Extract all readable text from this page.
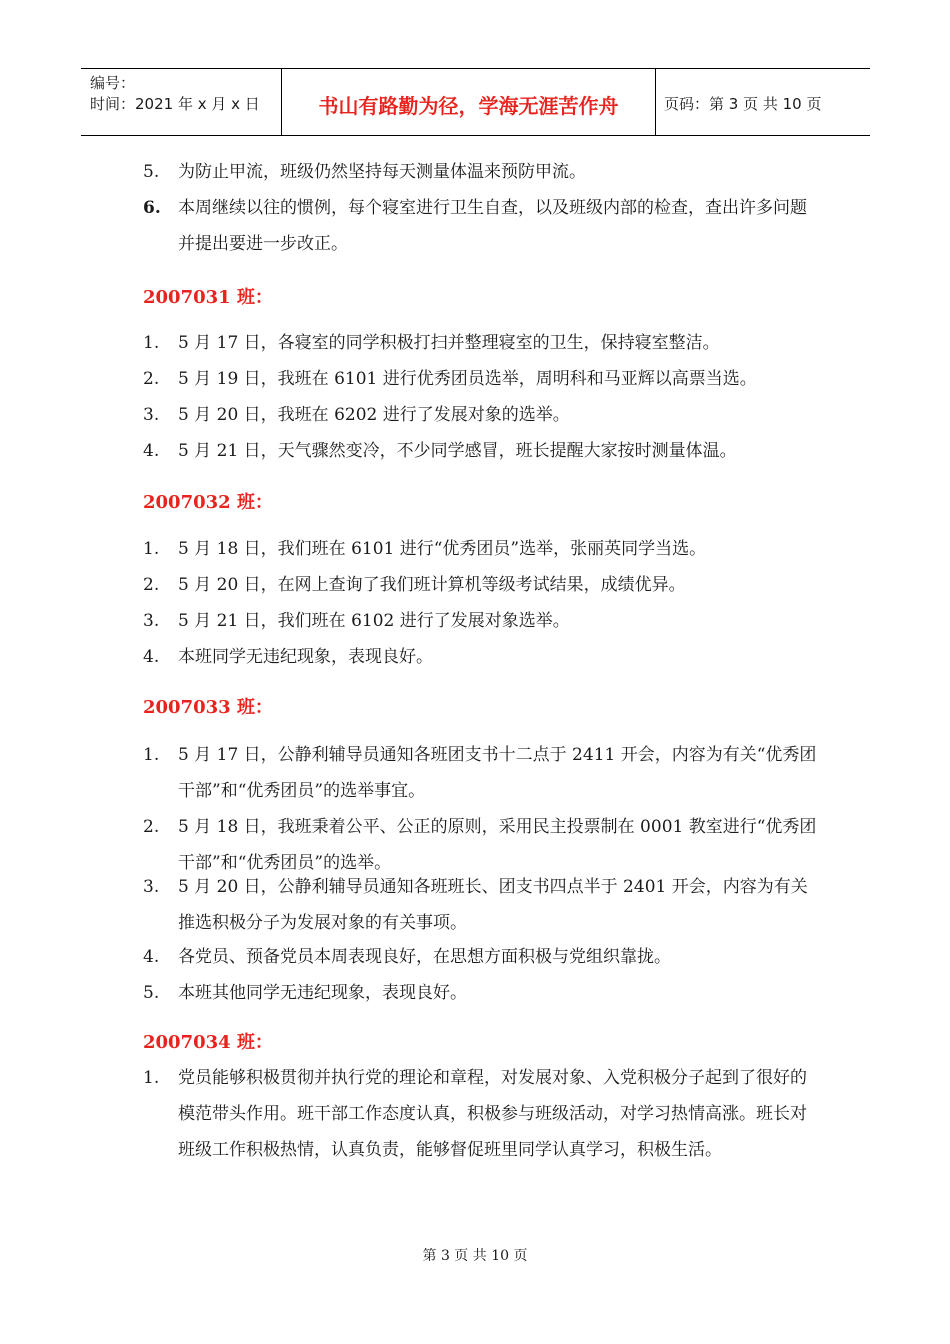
编号：
时间：2021 年 x 月 x 日	书山有路勤为径，学海无涯苦作舟	页码：第 3 页 共 10 页
5.	为防止甲流，班级仍然坚持每天测量体温来预防甲流。
6.	本周继续以往的惯例，每个寝室进行卫生自查，以及班级内部的检查，查出许多问题并提出要进一步改正。
2007031 班：
1.	5 月 17 日，各寝室的同学积极打扫并整理寝室的卫生，保持寝室整洁。
2.	5 月 19 日，我班在 6101 进行优秀团员选举，周明科和马亚辉以高票当选。
3.	5 月 20 日，我班在 6202 进行了发展对象的选举。
4.	5 月 21 日，天气骤然变冷，不少同学感冒，班长提醒大家按时测量体温。
2007032 班：
1.	5 月 18 日，我们班在 6101 进行“优秀团员”选举，张丽英同学当选。
2.	5 月 20 日，在网上查询了我们班计算机等级考试结果，成绩优异。
3.	5 月 21 日，我们班在 6102 进行了发展对象选举。
4.	本班同学无违纪现象，表现良好。
2007033 班：
1.	5 月 17 日，公静利辅导员通知各班团支书十二点于 2411 开会，内容为有关“优秀团干部”和“优秀团员”的选举事宜。
2.	5 月 18 日，我班秉着公平、公正的原则，采用民主投票制在 0001 教室进行“优秀团干部”和“优秀团员”的选举。
3.	5 月 20 日，公静利辅导员通知各班班长、团支书四点半于 2401 开会，内容为有关推选积极分子为发展对象的有关事项。
4.	各党员、预备党员本周表现良好，在思想方面积极与党组织靠拢。
5.	本班其他同学无违纪现象，表现良好。
2007034 班：
1.	党员能够积极贯彻并执行党的理论和章程，对发展对象、入党积极分子起到了很好的模范带头作用。班干部工作态度认真，积极参与班级活动，对学习热情高涨。班长对班级工作积极热情，认真负责，能够督促班里同学认真学习，积极生活。
第 3 页 共 10 页
